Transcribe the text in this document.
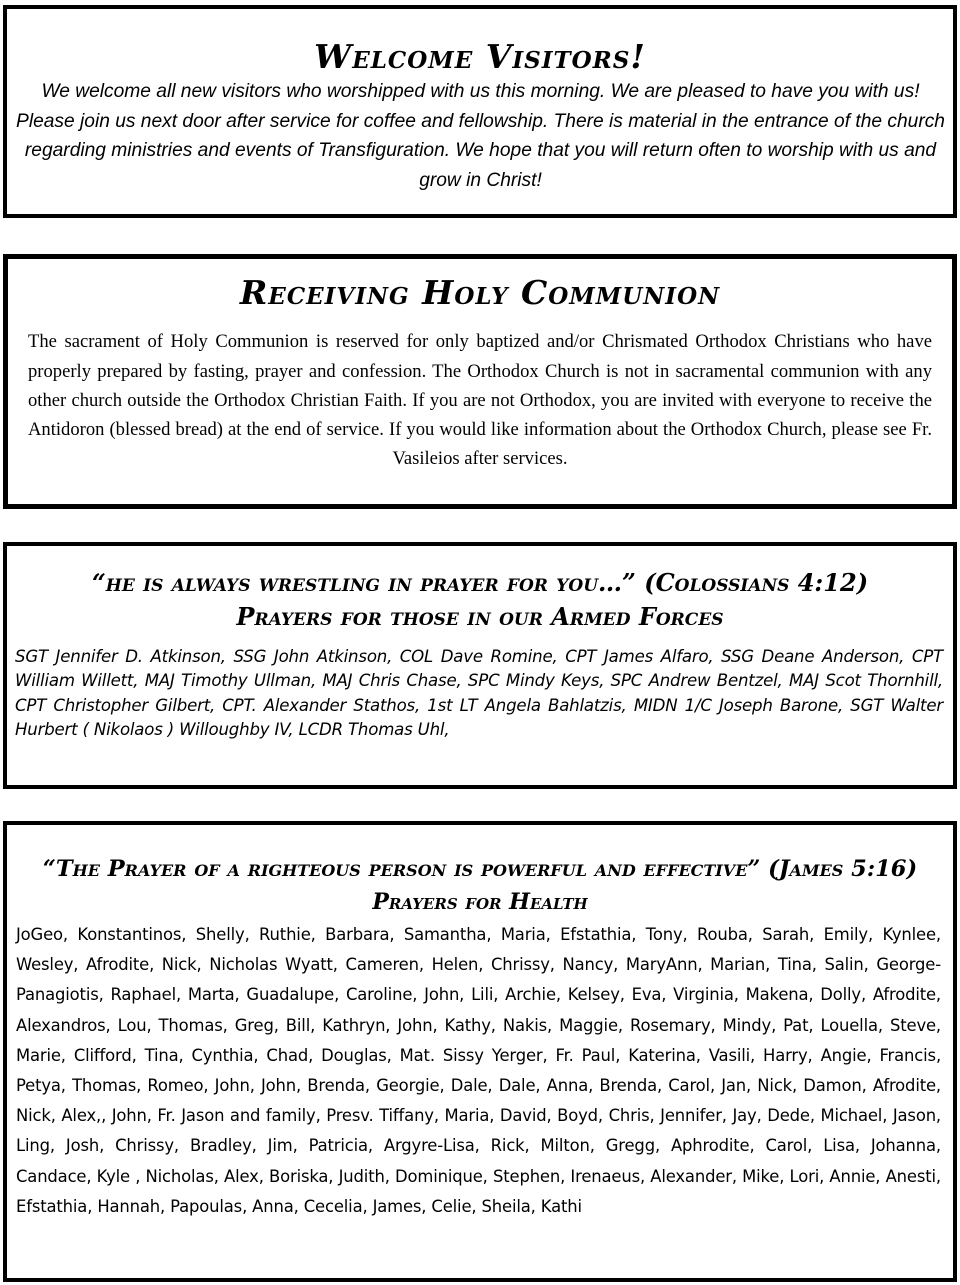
Welcome Visitors!

We welcome all new visitors who worshipped with us this morning. We are pleased to have you with us! Please join us next door after service for coffee and fellowship. There is material in the entrance of the church regarding ministries and events of Transfiguration. We hope that you will return often to worship with us and grow in Christ!

Receiving Holy Communion

The sacrament of Holy Communion is reserved for only baptized and/or Chrismated Orthodox Christians who have properly prepared by fasting, prayer and confession. The Orthodox Church is not in sacramental communion with any other church outside the Orthodox Christian Faith. If you are not Orthodox, you are invited with everyone to receive the Antidoron (blessed bread) at the end of service. If you would like information about the Orthodox Church, please see Fr. Vasileios after services.

“he is always wrestling in prayer for you…” (Colossians 4:12)
Prayers for those in our Armed Forces

SGT Jennifer D. Atkinson, SSG John Atkinson, COL Dave Romine, CPT James Alfaro, SSG Deane Anderson, CPT William Willett, MAJ Timothy Ullman, MAJ Chris Chase, SPC Mindy Keys, SPC Andrew Bentzel, MAJ Scot Thornhill, CPT Christopher Gilbert, CPT. Alexander Stathos, 1st LT Angela Bahlatzis, MIDN 1/C Joseph Barone, SGT Walter Hurbert ( Nikolaos ) Willoughby IV, LCDR Thomas Uhl,

“The Prayer of a righteous person is powerful and effective” (James 5:16)
Prayers for Health

JoGeo, Konstantinos, Shelly, Ruthie, Barbara, Samantha, Maria, Efstathia, Tony, Rouba, Sarah, Emily, Kynlee, Wesley, Afrodite, Nick, Nicholas Wyatt, Cameren, Helen, Chrissy, Nancy, MaryAnn, Marian, Tina, Salin, George-Panagiotis, Raphael, Marta, Guadalupe, Caroline, John, Lili, Archie, Kelsey, Eva, Virginia, Makena, Dolly, Afrodite, Alexandros, Lou, Thomas, Greg, Bill, Kathryn, John, Kathy, Nakis, Maggie, Rosemary, Mindy, Pat, Louella, Steve, Marie, Clifford, Tina, Cynthia, Chad, Douglas, Mat. Sissy Yerger, Fr. Paul, Katerina, Vasili, Harry, Angie, Francis, Petya, Thomas, Romeo, John, John, Brenda, Georgie, Dale, Dale, Anna, Brenda, Carol, Jan, Nick, Damon, Afrodite, Nick, Alex,, John, Fr. Jason and family, Presv. Tiffany, Maria, David, Boyd, Chris, Jennifer, Jay, Dede, Michael, Jason, Ling, Josh, Chrissy, Bradley, Jim, Patricia, Argyre-Lisa, Rick, Milton, Gregg, Aphrodite, Carol, Lisa, Johanna, Candace, Kyle , Nicholas, Alex, Boriska, Judith, Dominique, Stephen, Irenaeus, Alexander, Mike, Lori, Annie, Anesti, Efstathia, Hannah, Papoulas, Anna, Cecelia, James, Celie, Sheila, Kathi
